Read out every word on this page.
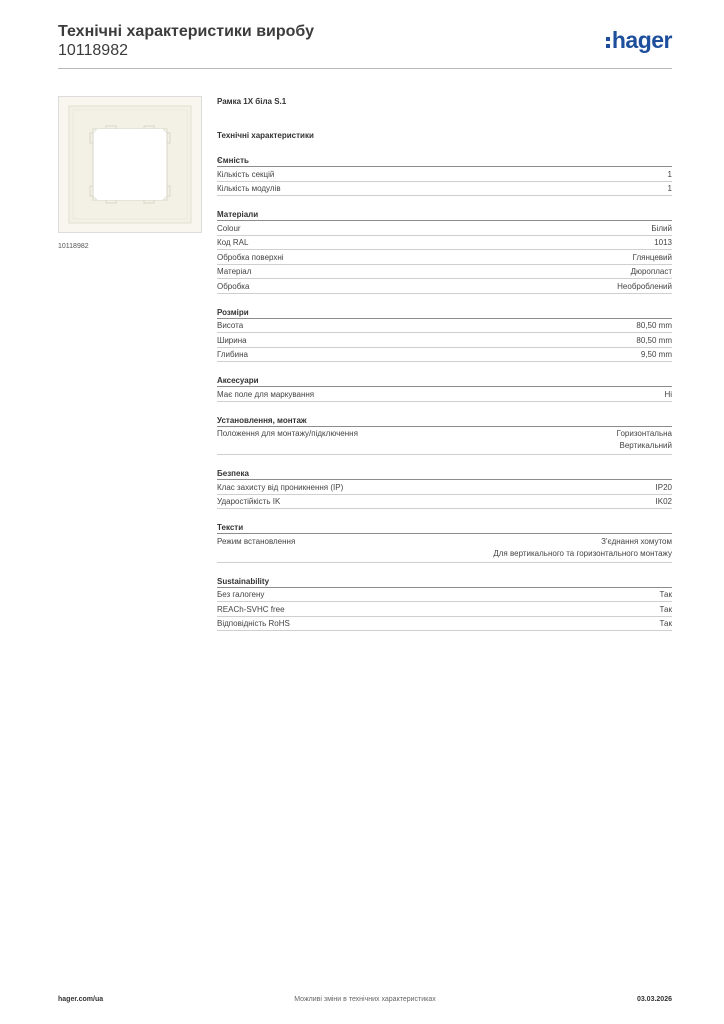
Технічні характеристики виробу
10118982	hager
10118982
Рамка 1X біла S.1
Технічні характеристики
Ємність
Кількість секцій	1
Кількість модулів	1
Матеріали
Colour	Білий
Код RAL	1013
Обробка поверхні	Глянцевий
Матеріал	Дюропласт
Обробка	Необроблений
Розміри
Висота	80,50 mm
Ширина	80,50 mm
Глибина	9,50 mm
Аксесуари
Має поле для маркування	Ні
Установлення, монтаж
Положення для монтажу/підключення	Горизонтальна
Вертикальний
Безпека
Клас захисту від проникнення (IP)	IP20
Ударостійкість IK	IK02
Тексти
Режим встановлення	З'єднання хомутом
Для вертикального та горизонтального монтажу
Sustainability
Без галогену	Так
REACh-SVHC free	Так
Відповідність RoHS	Так
hager.com/ua	Можливі зміни в технічних характеристиках	03.03.2026
